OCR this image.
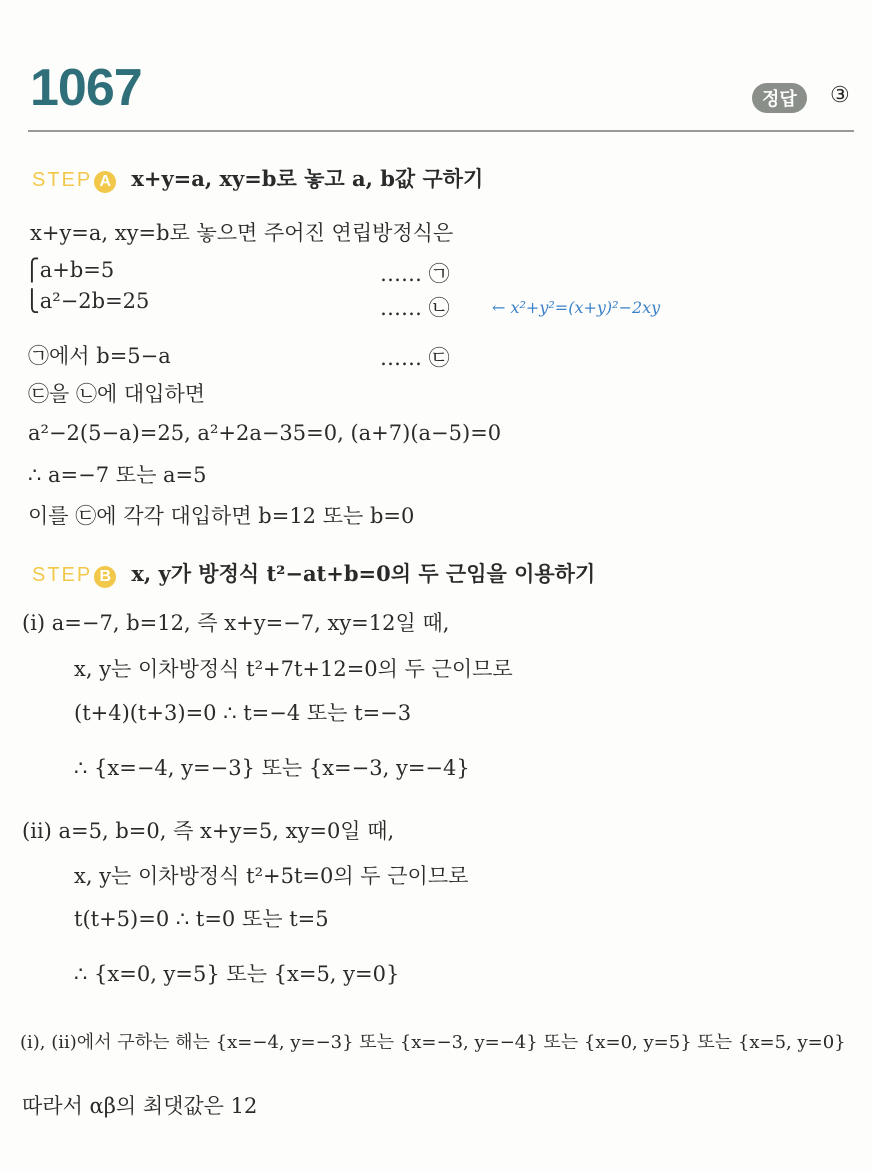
1067	정답	③
STEP A x+y=a, xy=b로 놓고 a, b값 구하기
x+y=a, xy=b로 놓으면 주어진 연립방정식은
⎧a+b=5	…… ㉠
⎩a²−2b=25	…… ㉡	← x²+y²=(x+y)²−2xy
㉠에서 b=5−a	…… ㉢
㉢을 ㉡에 대입하면
a²−2(5−a)=25, a²+2a−35=0, (a+7)(a−5)=0
∴ a=−7 또는 a=5
이를 ㉢에 각각 대입하면 b=12 또는 b=0
STEP B x, y가 방정식 t²−at+b=0의 두 근임을 이용하기
(ⅰ) a=−7, b=12, 즉 x+y=−7, xy=12일 때,
x, y는 이차방정식 t²+7t+12=0의 두 근이므로
(t+4)(t+3)=0 ∴ t=−4 또는 t=−3
∴ {x=−4, y=−3} 또는 {x=−3, y=−4}
(ⅱ) a=5, b=0, 즉 x+y=5, xy=0일 때,
x, y는 이차방정식 t²+5t=0의 두 근이므로
t(t+5)=0 ∴ t=0 또는 t=5
∴ {x=0, y=5} 또는 {x=5, y=0}
(ⅰ), (ⅱ)에서 구하는 해는 {x=−4, y=−3} 또는 {x=−3, y=−4} 또는 {x=0, y=5} 또는 {x=5, y=0}
따라서 αβ의 최댓값은 12
